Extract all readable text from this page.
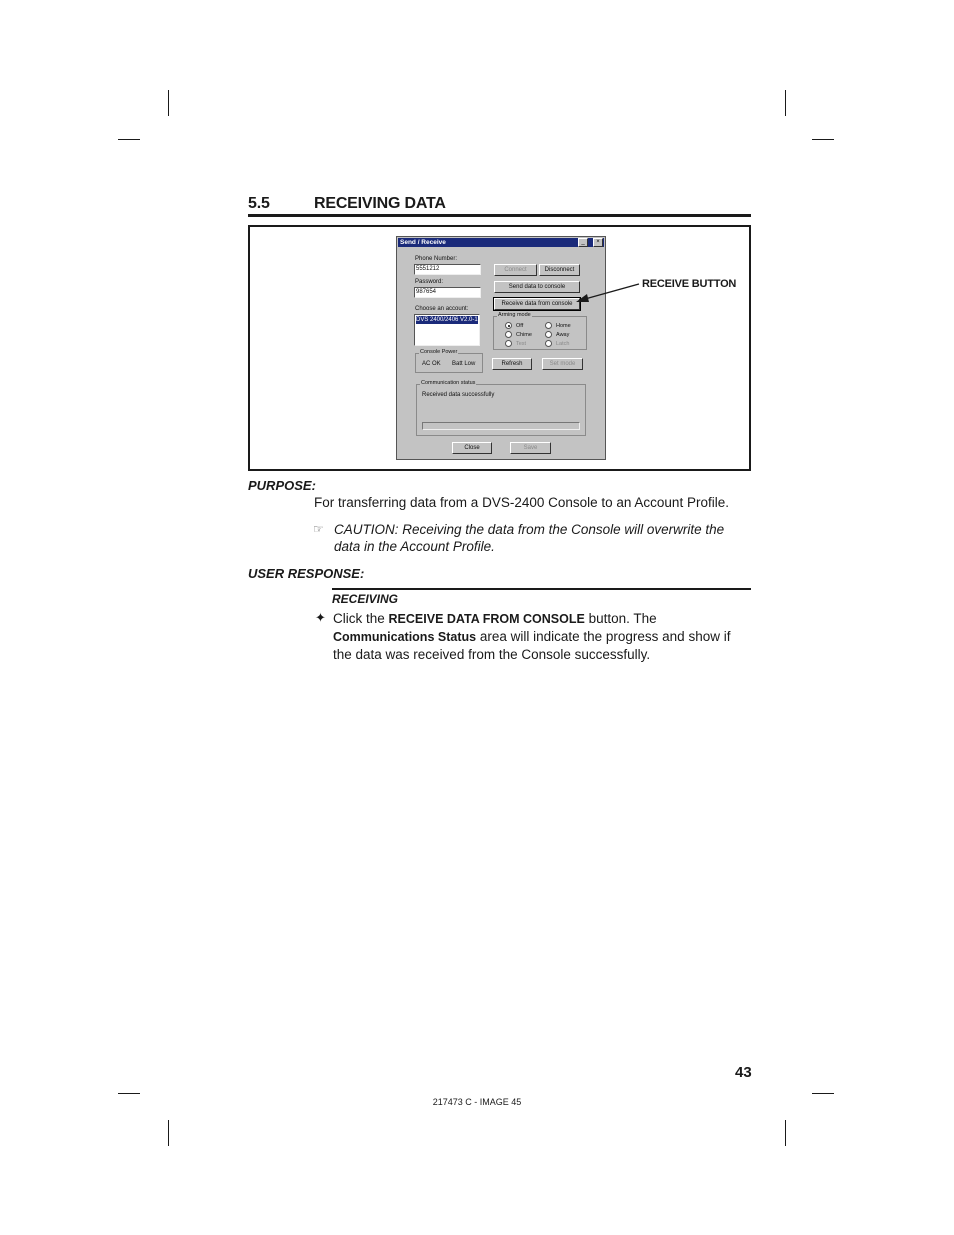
5.5	RECEIVING DATA
Send / Receive	_	×
Phone Number:
5551212
Password:
987654
Choose an account:
DVS 2400/2406 V2.0-1
Connect	Disconnect
Send data to console
Receive data from console
Arming mode
Off
Chime
Test
Home
Away
Latch
Console Power
AC OK Batt Low	Refresh	Set mode
Communication status
Received data successfully
Close	Save
RECEIVE BUTTON
PURPOSE:
For transferring data from a DVS-2400 Console to an Account Profile.
☞ CAUTION: Receiving the data from the Console will overwrite the data in the Account Profile.
USER RESPONSE:
RECEIVING
✦ Click the RECEIVE DATA FROM CONSOLE button. The Communications Status area will indicate the progress and show if the data was received from the Console successfully.
43
217473 C - IMAGE 45
